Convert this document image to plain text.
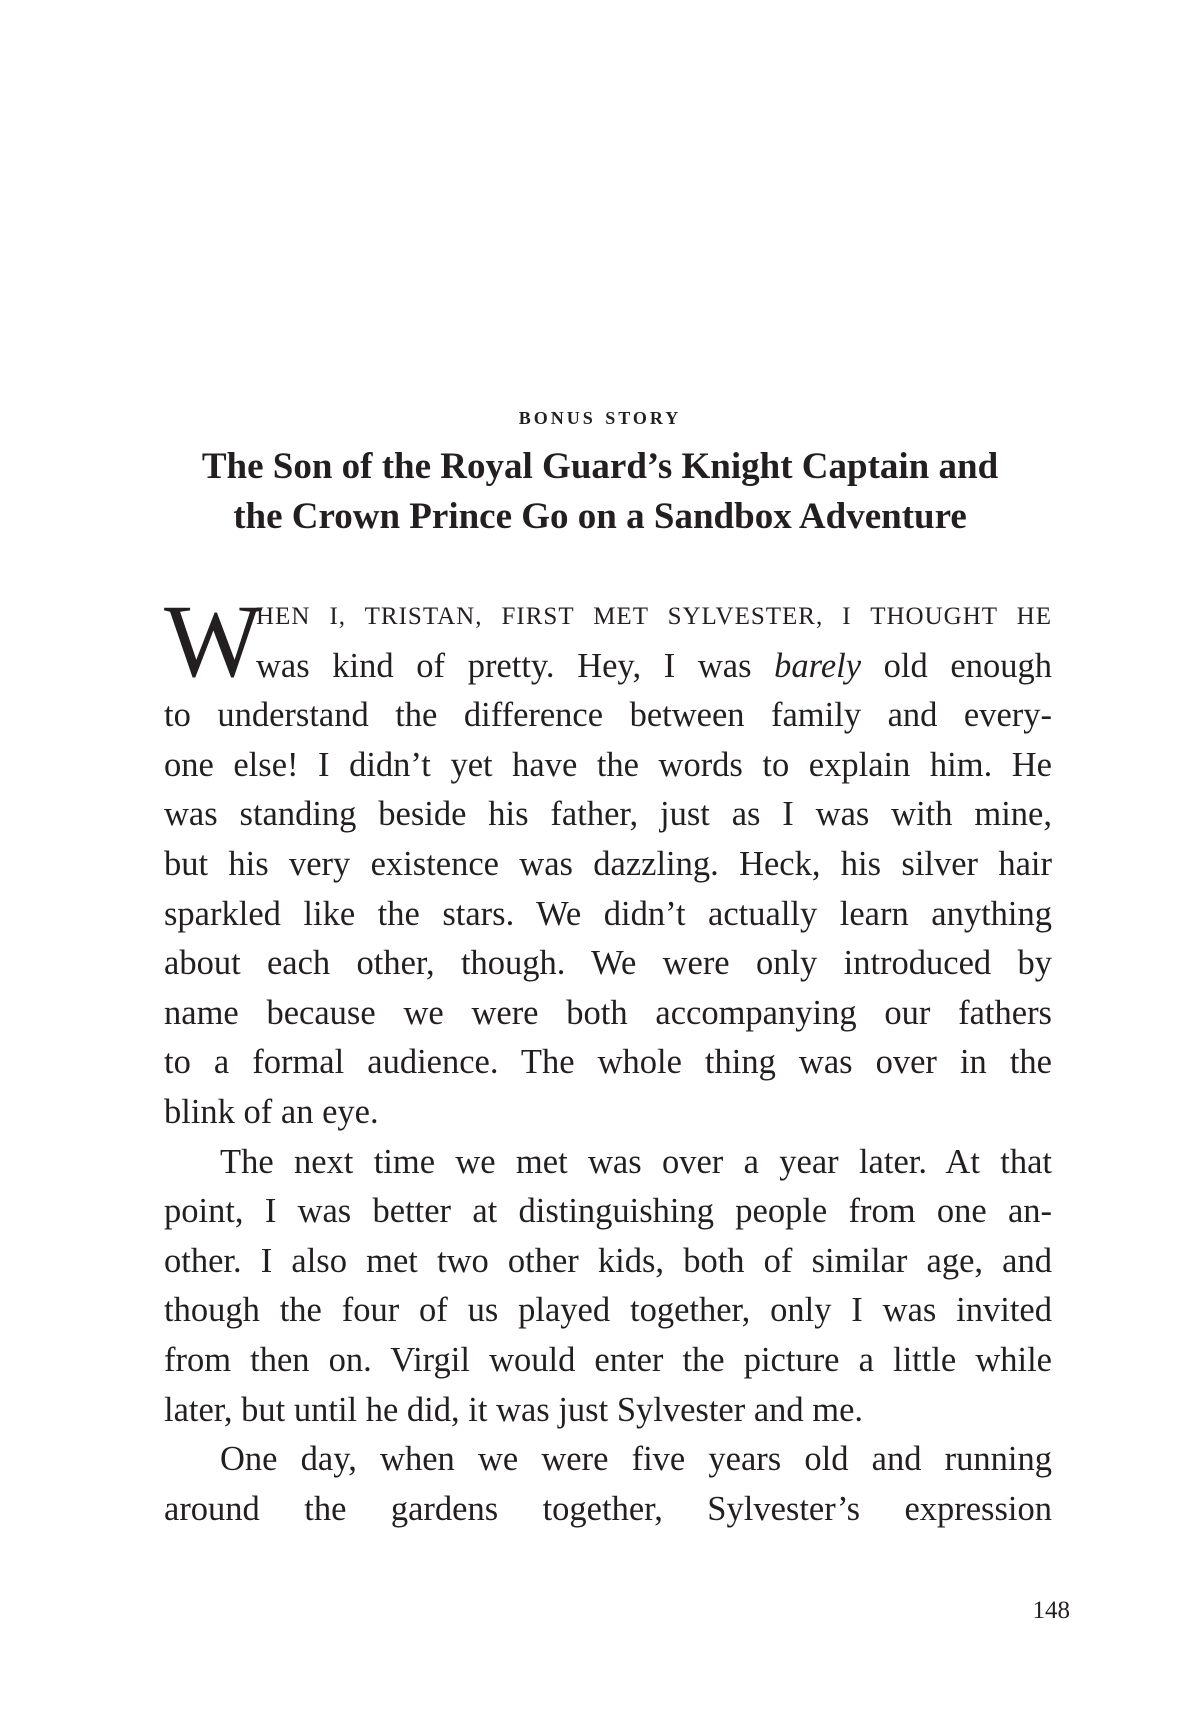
bonus story
The Son of the Royal Guard’s Knight Captain and
the Crown Prince Go on a Sandbox Adventure
W
HEN I, TRISTAN, FIRST MET SYLVESTER, I THOUGHT HE
was kind of pretty. Hey, I was barely old enough
to understand the difference between family and every-
one else! I didn’t yet have the words to explain him. He
was standing beside his father, just as I was with mine,
but his very existence was dazzling. Heck, his silver hair
sparkled like the stars. We didn’t actually learn anything
about each other, though. We were only introduced by
name because we were both accompanying our fathers
to a formal audience. The whole thing was over in the
blink of an eye.
The next time we met was over a year later. At that
point, I was better at distinguishing people from one an-
other. I also met two other kids, both of similar age, and
though the four of us played together, only I was invited
from then on. Virgil would enter the picture a little while
later, but until he did, it was just Sylvester and me.
One day, when we were five years old and running
around the gardens together, Sylvester’s expression
148
